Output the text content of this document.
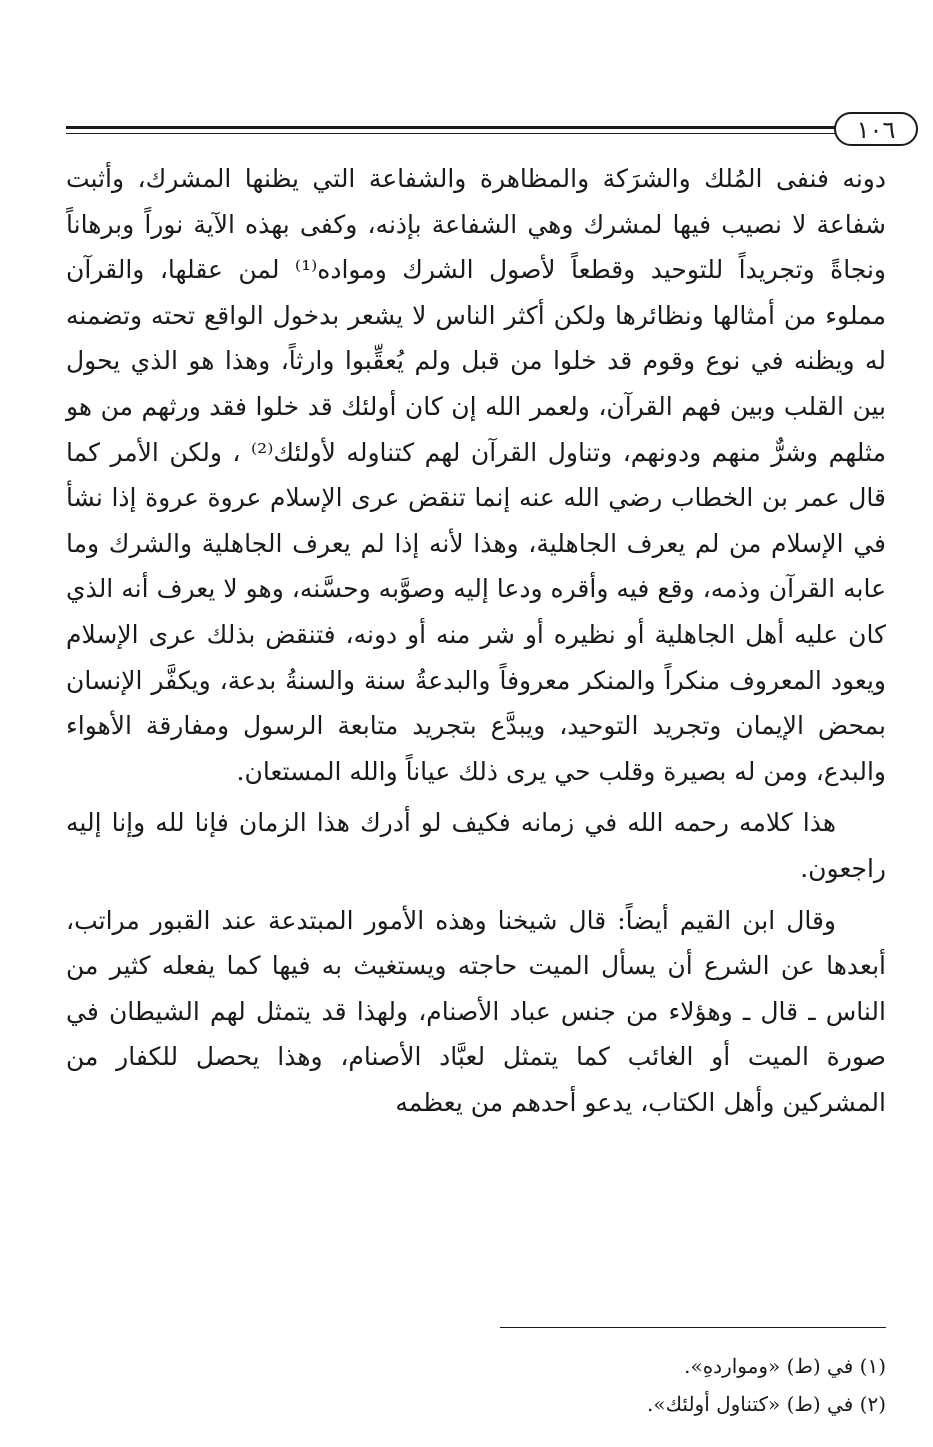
١٠٦

دونه فنفى المُلك والشرَكة والمظاهرة والشفاعة التي يظنها المشرك، وأثبت شفاعة لا نصيب فيها لمشرك وهي الشفاعة بإذنه، وكفى بهذه الآية نوراً وبرهاناً ونجاةً وتجريداً للتوحيد وقطعاً لأصول الشرك ومواده⁽¹⁾ لمن عقلها، والقرآن مملوء من أمثالها ونظائرها ولكن أكثر الناس لا يشعر بدخول الواقع تحته وتضمنه له ويظنه في نوع وقوم قد خلوا من قبل ولم يُعقِّبوا وارثاً، وهذا هو الذي يحول بين القلب وبين فهم القرآن، ولعمر الله إن كان أولئك قد خلوا فقد ورثهم من هو مثلهم وشرٌّ منهم ودونهم، وتناول القرآن لهم كتناوله لأولئك⁽²⁾ ، ولكن الأمر كما قال عمر بن الخطاب رضي الله عنه إنما تنقض عرى الإسلام عروة عروة إذا نشأ في الإسلام من لم يعرف الجاهلية، وهذا لأنه إذا لم يعرف الجاهلية والشرك وما عابه القرآن وذمه، وقع فيه وأقره ودعا إليه وصوَّبه وحسَّنه، وهو لا يعرف أنه الذي كان عليه أهل الجاهلية أو نظيره أو شر منه أو دونه، فتنقض بذلك عرى الإسلام ويعود المعروف منكراً والمنكر معروفاً والبدعةُ سنة والسنةُ بدعة، ويكفَّر الإنسان بمحض الإيمان وتجريد التوحيد، ويبدَّع بتجريد متابعة الرسول ومفارقة الأهواء والبدع، ومن له بصيرة وقلب حي يرى ذلك عياناً والله المستعان.

هذا كلامه رحمه الله في زمانه فكيف لو أدرك هذا الزمان فإنا لله وإنا إليه راجعون.

وقال ابن القيم أيضاً: قال شيخنا وهذه الأمور المبتدعة عند القبور مراتب، أبعدها عن الشرع أن يسأل الميت حاجته ويستغيث به فيها كما يفعله كثير من الناس ـ قال ـ وهؤلاء من جنس عباد الأصنام، ولهذا قد يتمثل لهم الشيطان في صورة الميت أو الغائب كما يتمثل لعبَّاد الأصنام، وهذا يحصل للكفار من المشركين وأهل الكتاب، يدعو أحدهم من يعظمه

(١) في (ط) «ومواردهِ».

(٢) في (ط) «كتناول أولئك».
